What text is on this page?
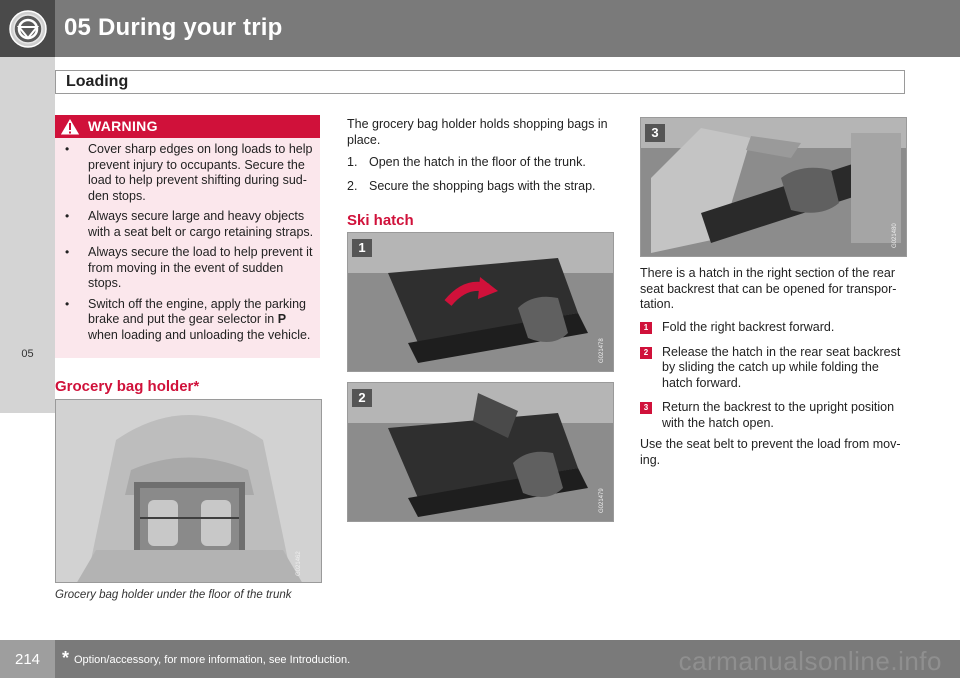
05 During your trip
05
Loading
WARNING
• Cover sharp edges on long loads to help prevent injury to occupants. Secure the load to help prevent shifting during sud-den stops.
• Always secure large and heavy objects with a seat belt or cargo retaining straps.
• Always secure the load to help prevent it from moving in the event of sudden stops.
• Switch off the engine, apply the parking brake and put the gear selector in P when loading and unloading the vehicle.
Grocery bag holder*
G021462
Grocery bag holder under the floor of the trunk
The grocery bag holder holds shopping bags in place.
1. Open the hatch in the floor of the trunk.
2. Secure the shopping bags with the strap.
Ski hatch
1
G021478
2
G021479
3
G021480
There is a hatch in the right section of the rear seat backrest that can be opened for transpor-tation.
1	Fold the right backrest forward.
2	Release the hatch in the rear seat backrest by sliding the catch up while folding the hatch forward.
3	Return the backrest to the upright position with the hatch open.
Use the seat belt to prevent the load from mov-ing.
214	* Option/accessory, for more information, see Introduction.	carmanualsonline.info
